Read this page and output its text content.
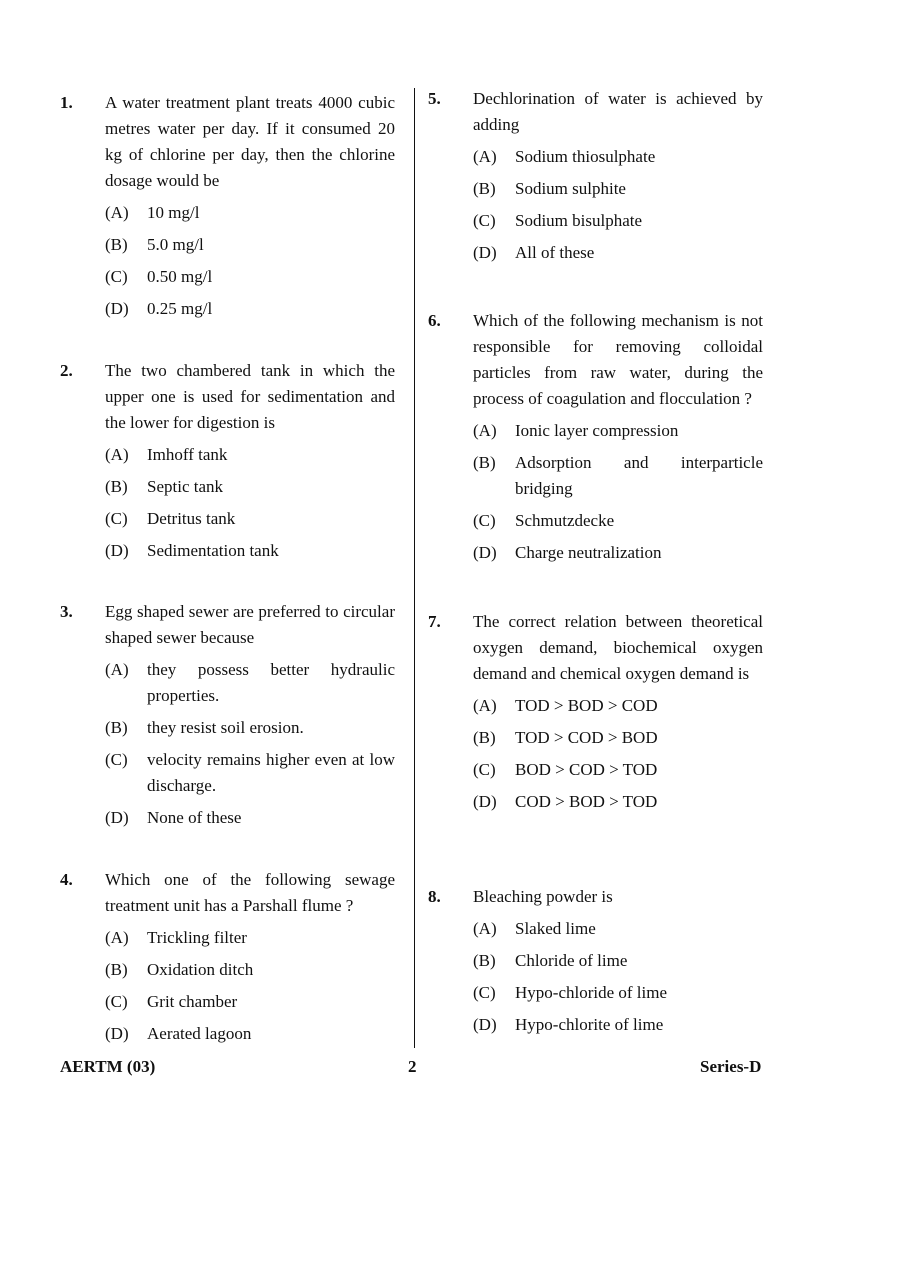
1. A water treatment plant treats 4000 cubic metres water per day. If it consumed 20 kg of chlorine per day, then the chlorine dosage would be
(A)	10 mg/l
(B)	5.0 mg/l
(C)	0.50 mg/l
(D)	0.25 mg/l
2. The two chambered tank in which the upper one is used for sedimentation and the lower for digestion is
(A)	Imhoff tank
(B)	Septic tank
(C)	Detritus tank
(D)	Sedimentation tank
3. Egg shaped sewer are preferred to circular shaped sewer because
(A)	they possess better hydraulic properties.
(B)	they resist soil erosion.
(C)	velocity remains higher even at low discharge.
(D)	None of these
4. Which one of the following sewage treatment unit has a Parshall flume ?
(A)	Trickling filter
(B)	Oxidation ditch
(C)	Grit chamber
(D)	Aerated lagoon
5. Dechlorination of water is achieved by adding
(A)	Sodium thiosulphate
(B)	Sodium sulphite
(C)	Sodium bisulphate
(D)	All of these
6. Which of the following mechanism is not responsible for removing colloidal particles from raw water, during the process of coagulation and flocculation ?
(A)	Ionic layer compression
(B)	Adsorption and interparticle bridging
(C)	Schmutzdecke
(D)	Charge neutralization
7. The correct relation between theoretical oxygen demand, biochemical oxygen demand and chemical oxygen demand is
(A)	TOD > BOD > COD
(B)	TOD > COD > BOD
(C)	BOD > COD > TOD
(D)	COD > BOD > TOD
8. Bleaching powder is
(A)	Slaked lime
(B)	Chloride of lime
(C)	Hypo-chloride of lime
(D)	Hypo-chlorite of lime
AERTM (03)	2	Series-D
